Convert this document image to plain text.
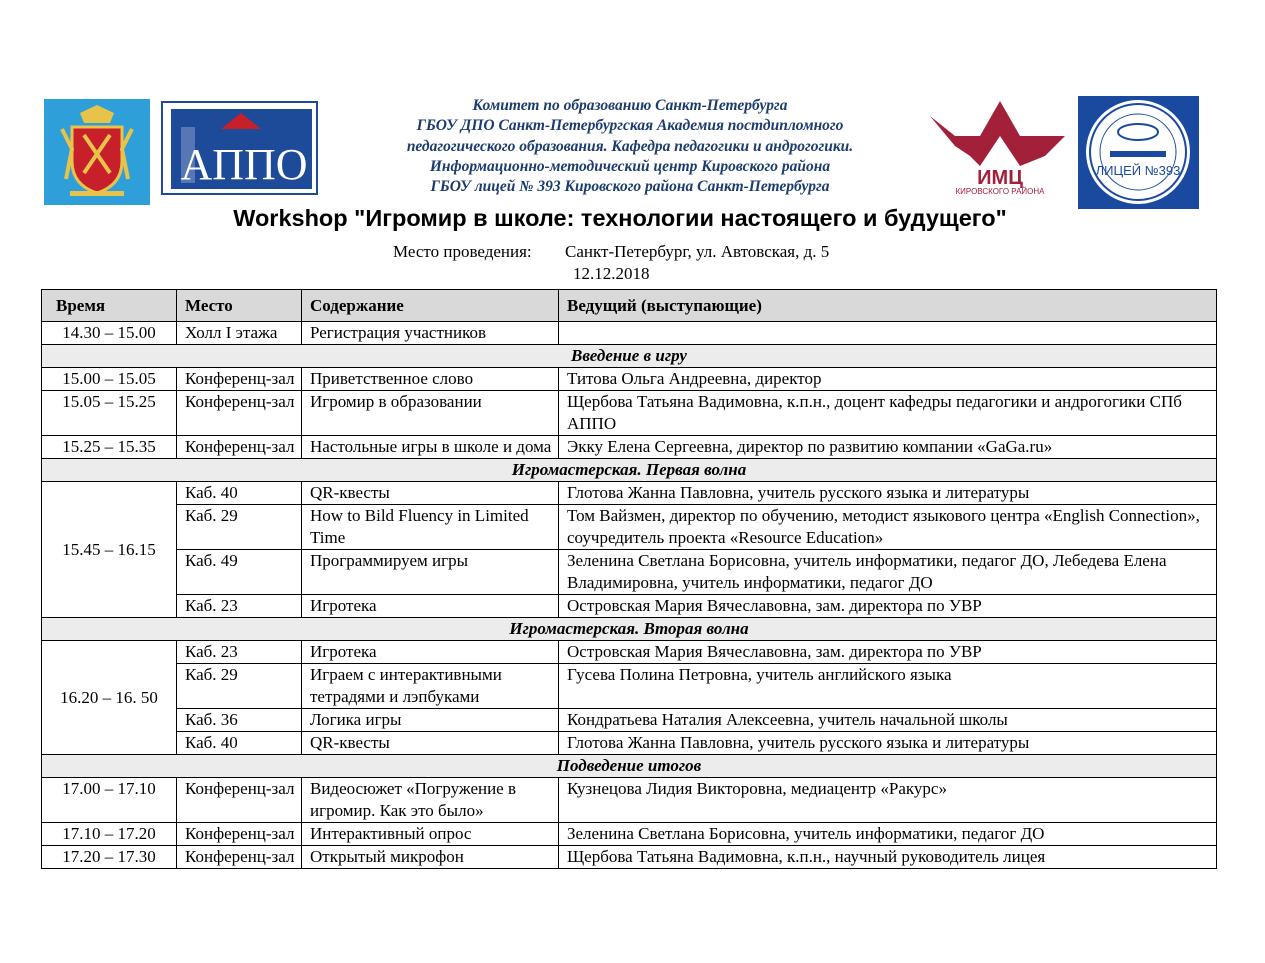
АППО	ИМЦ
КИРОВСКОГО РАЙОНА
ЛИЦЕЙ №393
Комитет по образованию Санкт-Петербурга
ГБОУ ДПО Санкт-Петербургская Академия постдипломного
педагогического образования. Кафедра педагогики и андрогогики.
Информационно-методический центр Кировского района
ГБОУ лицей № 393 Кировского района Санкт-Петербурга
Workshop "Игромир в школе: технологии настоящего и будущего"
Место проведения: Санкт-Петербург, ул. Автовская, д. 5
12.12.2018
Время	Место	Содержание	Ведущий (выступающие)
14.30 – 15.00	Холл I этажа	Регистрация участников	
Введение в игру			
15.00 – 15.05	Конференц-зал	Приветственное слово	Титова Ольга Андреевна, директор
15.05 – 15.25	Конференц-зал	Игромир в образовании	Щербова Татьяна Вадимовна, к.п.н., доцент кафедры педагогики и андрогогики СПб АППО
15.25 – 15.35	Конференц-зал	Настольные игры в школе и дома	Экку Елена Сергеевна, директор по развитию компании «GaGa.ru»
Игромастерская. Первая волна			
15.45 – 16.15	Каб. 40	QR-квесты	Глотова Жанна Павловна, учитель русского языка и литературы
	Каб. 29	How to Bild Fluency in Limited Time	Том Вайзмен, директор по обучению, методист языкового центра «English Connection», соучредитель проекта «Resource Education»
	Каб. 49	Программируем игры	Зеленина Светлана Борисовна, учитель информатики, педагог ДО, Лебедева Елена Владимировна, учитель информатики, педагог ДО
	Каб. 23	Игротека	Островская Мария Вячеславовна, зам. директора по УВР
Игромастерская. Вторая волна			
16.20 – 16. 50	Каб. 23	Игротека	Островская Мария Вячеславовна, зам. директора по УВР
	Каб. 29	Играем с интерактивными тетрадями и лэпбуками	Гусева Полина Петровна, учитель английского языка
	Каб. 36	Логика игры	Кондратьева Наталия Алексеевна, учитель начальной школы
	Каб. 40	QR-квесты	Глотова Жанна Павловна, учитель русского языка и литературы
Подведение итогов			
17.00 – 17.10	Конференц-зал	Видеосюжет «Погружение в игромир. Как это было»	Кузнецова Лидия Викторовна, медиацентр «Ракурс»
17.10 – 17.20	Конференц-зал	Интерактивный опрос	Зеленина Светлана Борисовна, учитель информатики, педагог ДО
17.20 – 17.30	Конференц-зал	Открытый микрофон	Щербова Татьяна Вадимовна, к.п.н., научный руководитель лицея
